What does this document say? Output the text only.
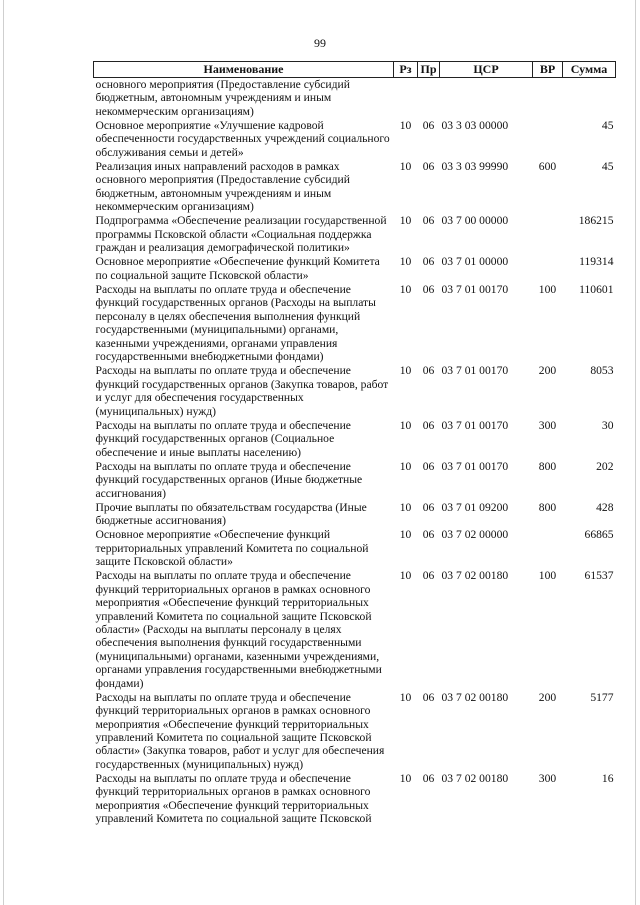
99
Наименование	Рз	Пр	ЦСР	ВР	Сумма
основного мероприятия (Предоставление субсидий бюджетным, автономным учреждениям и иным некоммерческим организациям)					
Основное мероприятие «Улучшение кадровой обеспеченности государственных учреждений социального обслуживания семьи и детей»	10	06	03 3 03 00000		45
Реализация иных направлений расходов в рамках основного мероприятия (Предоставление субсидий бюджетным, автономным учреждениям и иным некоммерческим организациям)	10	06	03 3 03 99990	600	45
Подпрограмма «Обеспечение реализации государственной программы Псковской области «Социальная поддержка граждан и реализация демографической политики»	10	06	03 7 00 00000		186215
Основное мероприятие «Обеспечение функций Комитета по социальной защите Псковской области»	10	06	03 7 01 00000		119314
Расходы на выплаты по оплате труда и обеспечение функций государственных органов (Расходы на выплаты персоналу в целях обеспечения выполнения функций государственными (муниципальными) органами, казенными учреждениями, органами управления государственными внебюджетными фондами)	10	06	03 7 01 00170	100	110601
Расходы на выплаты по оплате труда и обеспечение функций государственных органов (Закупка товаров, работ и услуг для обеспечения государственных (муниципальных) нужд)	10	06	03 7 01 00170	200	8053
Расходы на выплаты по оплате труда и обеспечение функций государственных органов (Социальное обеспечение и иные выплаты населению)	10	06	03 7 01 00170	300	30
Расходы на выплаты по оплате труда и обеспечение функций государственных органов (Иные бюджетные ассигнования)	10	06	03 7 01 00170	800	202
Прочие выплаты по обязательствам государства (Иные бюджетные ассигнования)	10	06	03 7 01 09200	800	428
Основное мероприятие «Обеспечение функций территориальных управлений Комитета по социальной защите Псковской области»	10	06	03 7 02 00000		66865
Расходы на выплаты по оплате труда и обеспечение функций территориальных органов в рамках основного мероприятия «Обеспечение функций территориальных управлений Комитета по социальной защите Псковской области» (Расходы на выплаты персоналу в целях обеспечения выполнения функций государственными (муниципальными) органами, казенными учреждениями, органами управления государственными внебюджетными фондами)	10	06	03 7 02 00180	100	61537
Расходы на выплаты по оплате труда и обеспечение функций территориальных органов в рамках основного мероприятия «Обеспечение функций территориальных управлений Комитета по социальной защите Псковской области» (Закупка товаров, работ и услуг для обеспечения государственных (муниципальных) нужд)	10	06	03 7 02 00180	200	5177
Расходы на выплаты по оплате труда и обеспечение функций территориальных органов в рамках основного мероприятия «Обеспечение функций территориальных управлений Комитета по социальной защите Псковской	10	06	03 7 02 00180	300	16
